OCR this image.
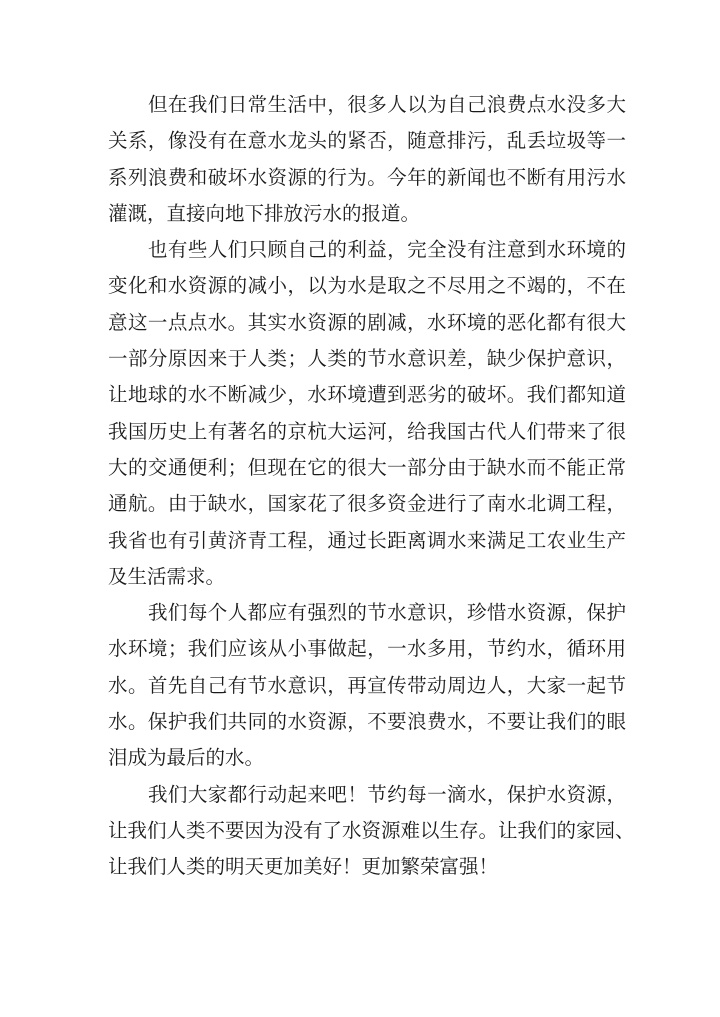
但在我们日常生活中，很多人以为自己浪费点水没多大
关系，像没有在意水龙头的紧否，随意排污，乱丢垃圾等一
系列浪费和破坏水资源的行为。今年的新闻也不断有用污水
灌溉，直接向地下排放污水的报道。
也有些人们只顾自己的利益，完全没有注意到水环境的
变化和水资源的减小，以为水是取之不尽用之不竭的，不在
意这一点点水。其实水资源的剧减，水环境的恶化都有很大
一部分原因来于人类；人类的节水意识差，缺少保护意识，
让地球的水不断减少，水环境遭到恶劣的破坏。我们都知道
我国历史上有著名的京杭大运河，给我国古代人们带来了很
大的交通便利；但现在它的很大一部分由于缺水而不能正常
通航。由于缺水，国家花了很多资金进行了南水北调工程，
我省也有引黄济青工程，通过长距离调水来满足工农业生产
及生活需求。
我们每个人都应有强烈的节水意识，珍惜水资源，保护
水环境；我们应该从小事做起，一水多用，节约水，循环用
水。首先自己有节水意识，再宣传带动周边人，大家一起节
水。保护我们共同的水资源，不要浪费水，不要让我们的眼
泪成为最后的水。
我们大家都行动起来吧！节约每一滴水，保护水资源，
让我们人类不要因为没有了水资源难以生存。让我们的家园、
让我们人类的明天更加美好！更加繁荣富强！
